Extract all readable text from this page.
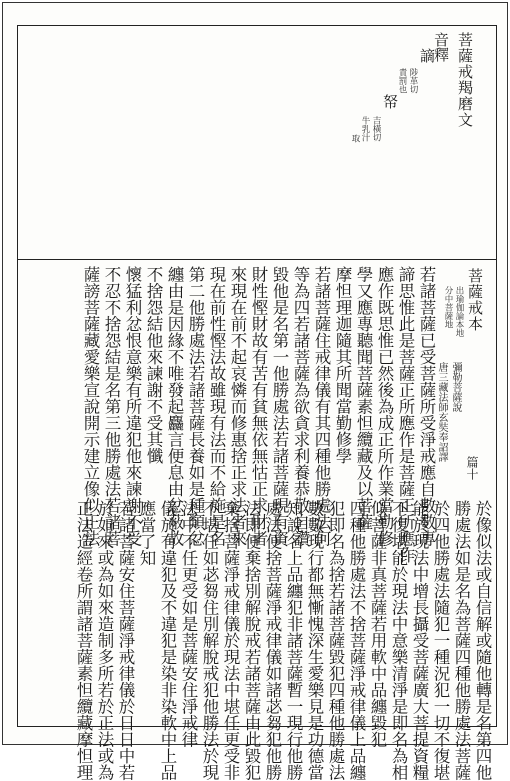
菩薩戒羯磨文
音釋
謫
陟革切
責罰也
帑
吉橫切
牛乳汁
取
菩薩戒本
出瑜伽論本地
分中菩薩地
篇十
唐三藏法師玄奘奉詔譯 彌勒菩薩說
若諸菩薩已受菩薩所受淨戒應自數數專
諦思惟此是菩薩正所應作是菩薩正所應作
應作既思惟已然後為成正所作業當勤修
學又應專聽聞菩薩素怛纜藏及以菩薩
摩怛理迦隨其所聞當勤修學
若諸菩薩住戒律儀有其四種他勝處法何
等為四若諸菩薩為欲貪求利養恭敬自讚
毀他是名第一他勝處法若諸菩薩現有資
財性慳財故有苦有貧無依無怙正求財者
來現在前不起哀憐而修惠捨正求法者來
現在前性慳法故雖現有法而不給施是名
第二他勝處法若諸菩薩長養如是種類忿
纏由是因緣不唯發起麤言便息由忿蔽故
不捨怨結他來諫謝不受其懺
懷猛利忿恨意樂有所違犯他來諫謝不受
不忍不捨怨結是名第三他勝處法若諸菩
薩謗菩薩藏愛樂宣說開示建立像似正法
於像似法或自信解或隨他轉是名第四他
勝處法如是名為菩薩四種他勝處法菩薩
於四他勝處法隨犯一種況犯一切不復堪
能於現法中增長攝受菩薩廣大菩提資糧
不復堪能於現法中意樂清淨是即名為相
似菩薩非真菩薩若用軟中品纏毀犯
四種他勝處法不捨菩薩淨戒律儀上品纏
犯即名為捨若諸菩薩毀犯四種他勝處法
數數現行都無慚愧深生愛樂見是功德當
知說名上品纏犯非諸菩薩暫一現行他勝
處法便捨菩薩淨戒律儀如諸苾芻犯他勝
法即便棄捨別解脫戒若諸菩薩由此毀犯
棄捨菩薩淨戒律儀於現法中堪任更受非
不堪任如苾芻住別解脫戒犯他勝法於現
法中不任更受如是菩薩安住淨戒律
儀於有違犯及不違犯是染非染軟中上品
應當了知
若諸菩薩安住菩薩淨戒律儀於日日中若
於如來或為如來造制多所若於正法或為
正法造經卷所謂諸菩薩素怛纜藏摩怛理
